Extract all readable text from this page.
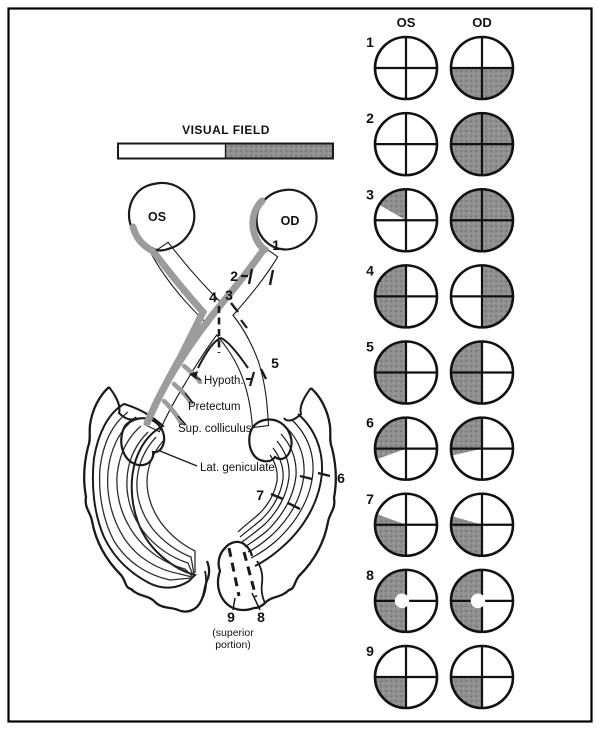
VISUAL FIELD
OS	OD
1
2
3
4
5
6
7
9 8
Hypoth.
Pretectum
Sup. colliculus
Lat. geniculate
(superior
portion)
OS	OD
1
2
3
4
5
6
7
8
9
